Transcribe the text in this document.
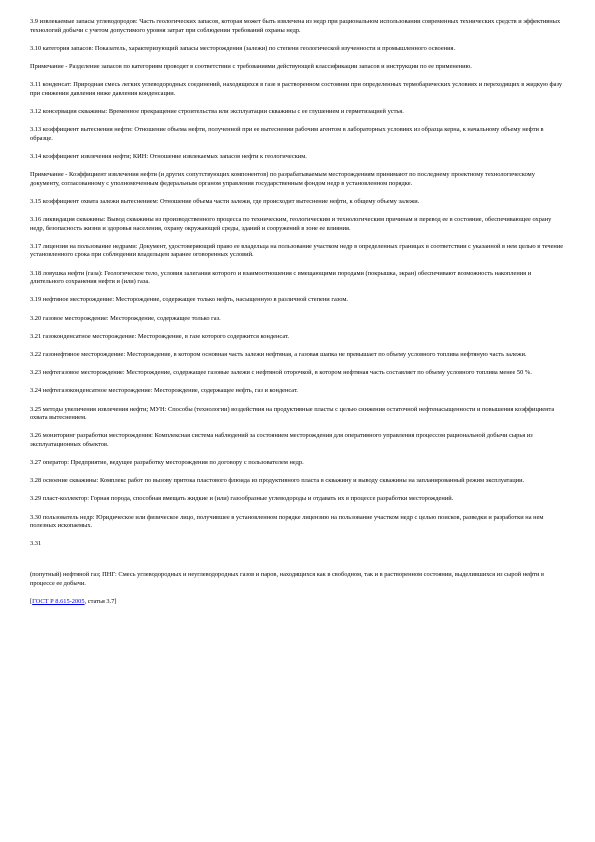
3.9 извлекаемые запасы углеводородов: Часть геологических запасов, которая может быть извлечена из недр при рациональном использовании современных технических средств и эффективных технологий добычи с учетом допустимого уровня затрат при соблюдении требований охраны недр.

3.10 категория запасов: Показатель, характеризующий запасы месторождения (залежи) по степени геологической изученности и промышленного освоения.

Примечание - Разделение запасов по категориям проводят в соответствии с требованиями действующей классификации запасов и инструкции по ее применению.

3.11 конденсат: Природная смесь легких углеводородных соединений, находящихся в газе в растворенном состоянии при определенных термобарических условиях и переходящих в жидкую фазу при снижении давления ниже давления конденсации.

3.12 консервация скважины: Временное прекращение строительства или эксплуатации скважины с ее глушением и герметизацией устья.

3.13 коэффициент вытеснения нефти: Отношение объема нефти, полученной при ее вытеснении рабочим агентом в лабораторных условиях из образца керна, к начальному объему нефти в образце.

3.14 коэффициент извлечения нефти; КИН: Отношение извлекаемых запасов нефти к геологическим.

Примечание - Коэффициент извлечения нефти (и других сопутствующих компонентов) по разрабатываемым месторождениям принимают по последнему проектному технологическому документу, согласованному с уполномоченным федеральным органом управления государственным фондом недр в установленном порядке.

3.15 коэффициент охвата залежи вытеснением: Отношение объема части залежи, где происходит вытеснение нефти, к общему объему залежи.

3.16 ликвидация скважины: Вывод скважины из производственного процесса по техническим, геологическим и технологическим причинам и перевод ее в состояние, обеспечивающее охрану недр, безопасность жизни и здоровья населения, охрану окружающей среды, зданий и сооружений в зоне ее влияния.

3.17 лицензия на пользование недрами: Документ, удостоверяющий право ее владельца на пользование участком недр в определенных границах в соответствии с указанной в нем целью в течение установленного срока при соблюдении владельцем заранее оговоренных условий.

3.18 ловушка нефти (газа): Геологическое тело, условия залегания которого и взаимоотношения с вмещающими породами (покрышка, экран) обеспечивают возможность накопления и длительного сохранения нефти и (или) газа.

3.19 нефтяное месторождение: Месторождение, содержащее только нефть, насыщенную в различной степени газом.

3.20 газовое месторождение: Месторождение, содержащее только газ.

3.21 газоконденсатное месторождение: Месторождение, в газе которого содержится конденсат.

3.22 газонефтяное месторождение: Месторождение, в котором основная часть залежи нефтяная, а газовая шапка не превышает по объему условного топлива нефтяную часть залежи.

3.23 нефтегазовое месторождение: Месторождение, содержащее газовые залежи с нефтяной оторочкой, в котором нефтяная часть составляет по объему условного топлива менее 50 %.

3.24 нефтегазоконденсатное месторождение: Месторождение, содержащее нефть, газ и конденсат.

3.25 методы увеличения извлечения нефти; МУН: Способы (технологии) воздействия на продуктивные пласты с целью снижения остаточной нефтенасыщенности и повышения коэффициента охвата вытеснением.

3.26 мониторинг разработки месторождения: Комплексная система наблюдений за состоянием месторождения для оперативного управления процессом рациональной добычи сырья из эксплуатационных объектов.

3.27 оператор: Предприятие, ведущее разработку месторождения по договору с пользователем недр.

3.28 освоение скважины: Комплекс работ по вызову притока пластового флюида из продуктивного пласта в скважину и выводу скважины на запланированный режим эксплуатации.

3.29 пласт-коллектор: Горная порода, способная вмещать жидкие и (или) газообразные углеводороды и отдавать их в процессе разработки месторождений.

3.30 пользователь недр: Юридическое или физическое лицо, получившее в установленном порядке лицензию на пользование участком недр с целью поисков, разведки и разработки на нем полезных ископаемых.

3.31

(попутный) нефтяной газ; ПНГ: Смесь углеводородных и неуглеводородных газов и паров, находящихся как в свободном, так и в растворенном состоянии, выделившихся из сырой нефти в процессе ее добычи.

[ГОСТ Р 8.615-2005, статья 3.7]
